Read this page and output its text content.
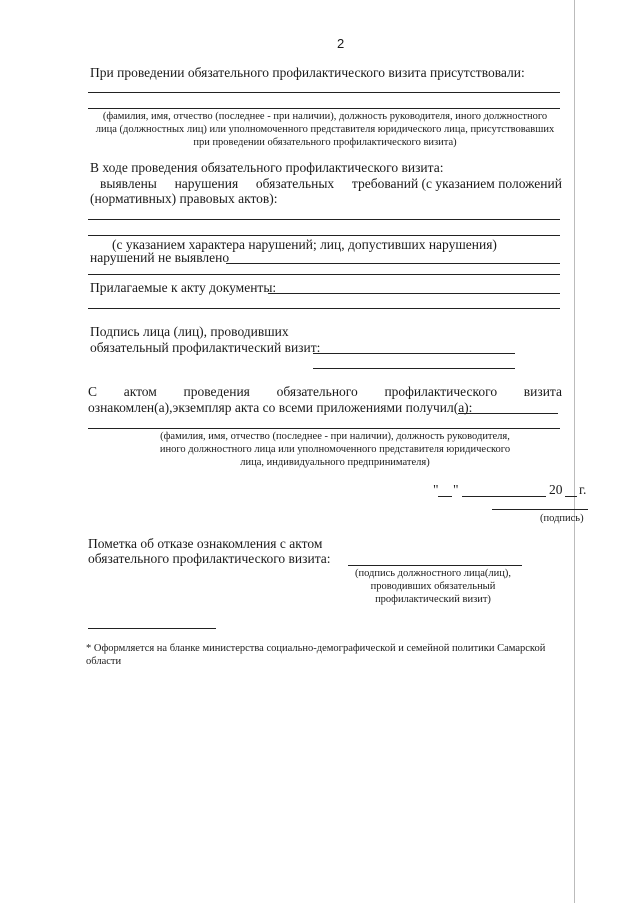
2
При проведении обязательного профилактического визита присутствовали:
(фамилия, имя, отчество (последнее - при наличии), должность руководителя, иного должностного
лица (должностных лиц) или уполномоченного представителя юридического лица, присутствовавших
при проведении обязательного профилактического визита)
В ходе проведения обязательного профилактического визита:
выявлены нарушения обязательных требований (с указанием положений
(нормативных) правовых актов):
(с указанием характера нарушений; лиц, допустивших нарушения)
нарушений не выявлено
Прилагаемые к акту документы:
Подпись лица (лиц), проводивших
обязательный профилактический визит:
С актом проведения обязательного профилактического визита
ознакомлен(а),экземпляр акта со всеми приложениями получил(а):
(фамилия, имя, отчество (последнее - при наличии), должность руководителя,
иного должностного лица или уполномоченного представителя юридического
лица, индивидуального предпринимателя)
" "	20 г.
(подпись)
Пометка об отказе ознакомления с актом
обязательного профилактического визита:
(подпись должностного лица(лиц),
проводивших обязательный
профилактический визит)
* Оформляется на бланке министерства социально-демографической и семейной политики Самарской
области
